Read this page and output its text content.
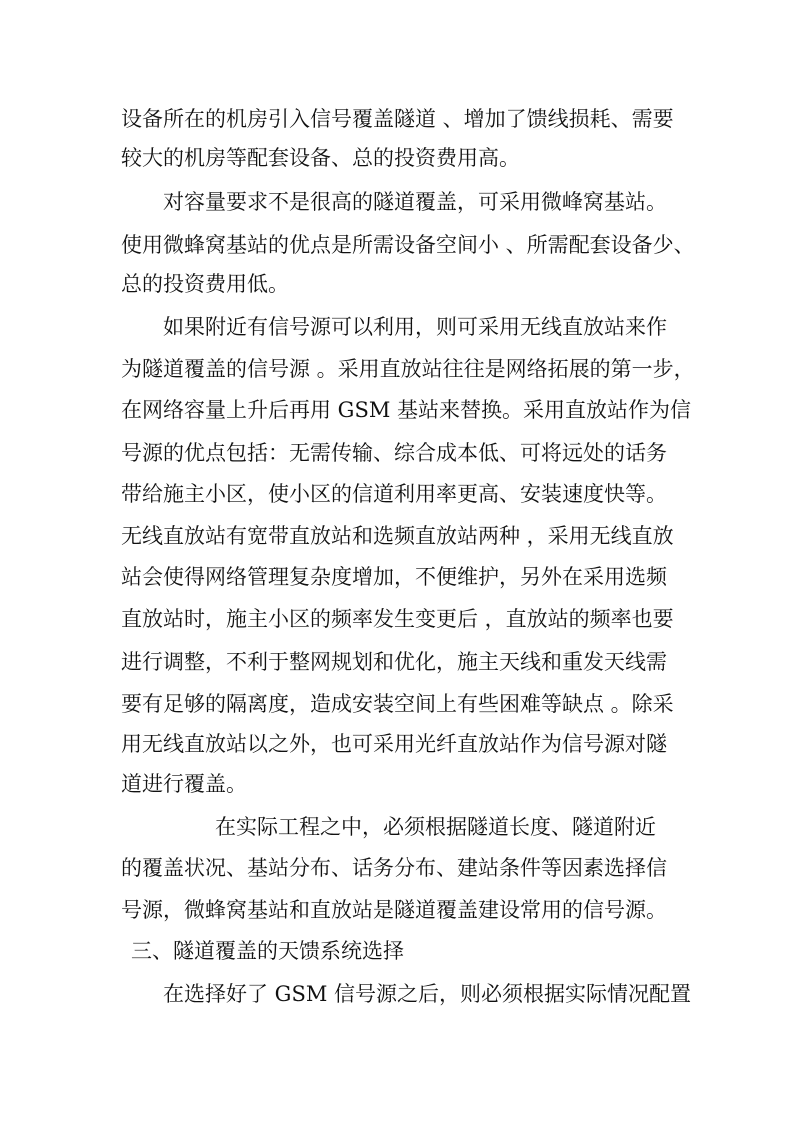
设备所在的机房引入信号覆盖隧道 、增加了馈线损耗、需要
较大的机房等配套设备、总的投资费用高。
对容量要求不是很高的隧道覆盖，可采用微峰窝基站。
使用微蜂窝基站的优点是所需设备空间小 、所需配套设备少、
总的投资费用低。
如果附近有信号源可以利用，则可采用无线直放站来作
为隧道覆盖的信号源 。采用直放站往往是网络拓展的第一步，
在网络容量上升后再用 GSM 基站来替换。采用直放站作为信
号源的优点包括：无需传输、综合成本低、可将远处的话务
带给施主小区，使小区的信道利用率更高、安装速度快等。
无线直放站有宽带直放站和选频直放站两种 ，采用无线直放
站会使得网络管理复杂度增加，不便维护，另外在采用选频
直放站时，施主小区的频率发生变更后 ，直放站的频率也要
进行调整，不利于整网规划和优化，施主天线和重发天线需
要有足够的隔离度，造成安装空间上有些困难等缺点 。除采
用无线直放站以之外，也可采用光纤直放站作为信号源对隧
道进行覆盖。
在实际工程之中，必须根据隧道长度、隧道附近
的覆盖状况、基站分布、话务分布、建站条件等因素选择信
号源，微蜂窝基站和直放站是隧道覆盖建设常用的信号源。
三、隧道覆盖的天馈系统选择
在选择好了 GSM 信号源之后，则必须根据实际情况配置
